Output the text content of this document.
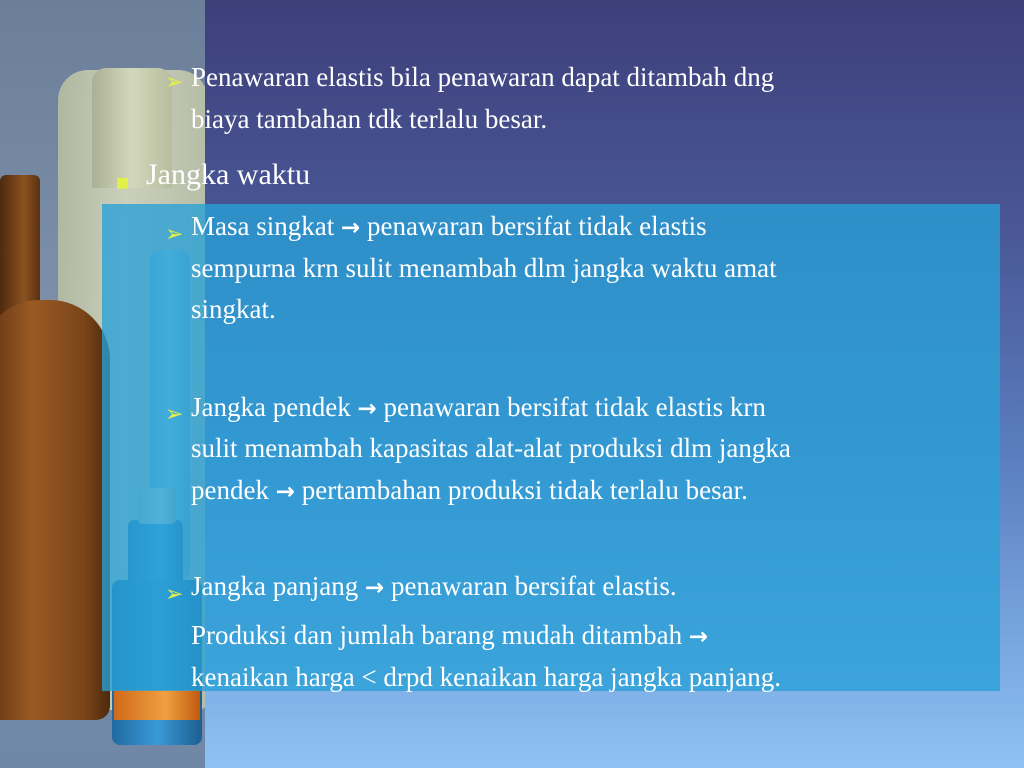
➢ Penawaran elastis bila penawaran dapat ditambah dng
biaya tambahan tdk terlalu besar.
■ Jangka waktu
➢ Masa singkat → penawaran bersifat tidak elastis
sempurna krn sulit menambah dlm jangka waktu amat
singkat.
➢ Jangka pendek → penawaran bersifat tidak elastis krn
sulit menambah kapasitas alat-alat produksi dlm jangka
pendek → pertambahan produksi tidak terlalu besar.
➢ Jangka panjang → penawaran bersifat elastis.
Produksi dan jumlah barang mudah ditambah →
kenaikan harga < drpd kenaikan harga jangka panjang.
